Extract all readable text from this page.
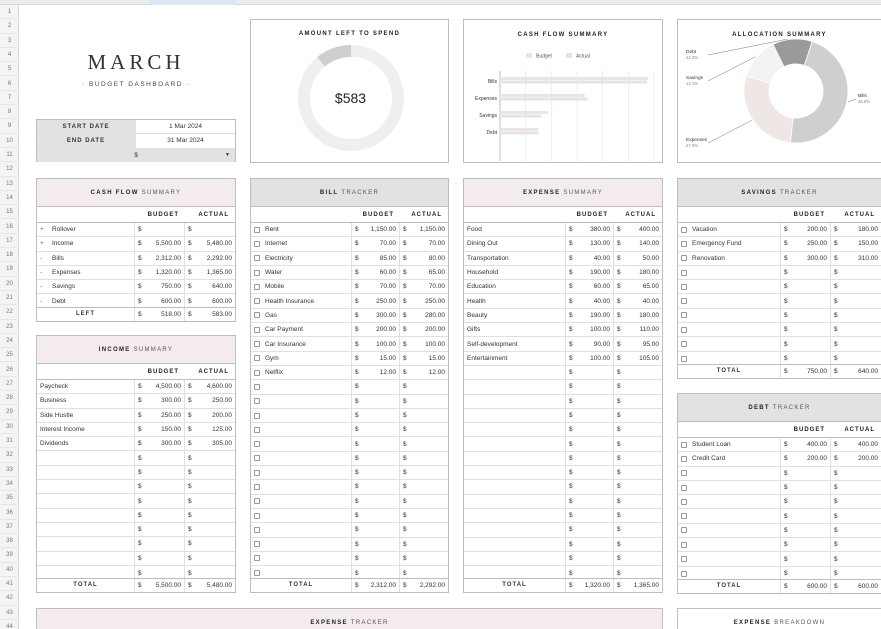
1
2
3
4
5
6
7
8
9
10
11
12
13
14
15
16
17
18
19
20
21
22
23
24
25
26
27
28
29
30
31
32
33
34
35
36
37
38
39
40
41
42
43
44
MARCH
· BUDGET DASHBOARD ·
START DATE	1 Mar 2024
END DATE	31 Mar 2024
$	▼
AMOUNT LEFT TO SPEND
$583
CASH FLOW SUMMARY
Budget	Actual
Bills
Expenses
Savings
Debt
ALLOCATION SUMMARY
Bills
46.8%
Expenses
27.9%
Savings
13.1%
Debt
12.3%
CASH FLOW SUMMARY
BUDGET	ACTUAL
+	Rollover	$	$
+	Income	$ 5,500.00 $ 5,480.00
-	Bills	$ 2,312.00 $ 2,292.00
-	Expenses	$ 1,320.00 $ 1,365.00
-	Savings	$	750.00 $	640.00
-	Debt	$	600.00 $	600.00
LEFT	$	518.00 $	583.00
INCOME SUMMARY
BUDGET	ACTUAL
Paycheck	$ 4,500.00 $ 4,600.00
Business	$	300.00 $	250.00
Side Hustle	$	250.00 $	200.00
Interest Income	$	150.00 $	125.00
Dividends	$	300.00 $	305.00
$	$
$	$
$	$
$	$
$	$
$	$
$	$
$	$
$	$
TOTAL	$ 5,500.00 $ 5,480.00
BILL TRACKER
BUDGET	ACTUAL
Rent	$ 1,150.00 $ 1,150.00
Internet	$	70.00 $	70.00
Electricity	$	85.00 $	80.00
Water	$	60.00 $	65.00
Mobile	$	70.00 $	70.00
Health Insurance	$	250.00 $	250.00
Gas	$	300.00 $	280.00
Car Payment	$	200.00 $	200.00
Car Insurance	$	100.00 $	100.00
Gym	$	15.00 $	15.00
Netflix	$	12.00 $	12.00
$	$
$	$
$	$
$	$
$	$
$	$
$	$
$	$
$	$
$	$
$	$
$	$
$	$
$	$
TOTAL	$ 2,312.00 $ 2,292.00
EXPENSE SUMMARY
BUDGET	ACTUAL
Food	$	380.00 $	400.00
Dining Out	$	130.00 $	140.00
Transportation	$	40.00 $	50.00
Household	$	190.00 $	180.00
Education	$	60.00 $	65.00
Health	$	40.00 $	40.00
Beauty	$	190.00 $	180.00
Gifts	$	100.00 $	110.00
Self-development	$	90.00 $	95.00
Entertainment	$	100.00 $	105.00
$	$
$	$
$	$
$	$
$	$
$	$
$	$
$	$
$	$
$	$
$	$
$	$
$	$
$	$
$	$
TOTAL	$ 1,320.00 $ 1,365.00
SAVINGS TRACKER
BUDGET	ACTUAL
Vacation	$	200.00 $	180.00
Emergency Fund	$	250.00 $	150.00
Renovation	$	300.00 $	310.00
$	$
$	$
$	$
$	$
$	$
$	$
$	$
TOTAL	$	750.00 $	640.00
DEBT TRACKER
BUDGET	ACTUAL
Student Loan	$	400.00 $	400.00
Credit Card	$	200.00 $	200.00
$	$
$	$
$	$
$	$
$	$
$	$
$	$
$	$
TOTAL	$	600.00 $	600.00
EXPENSE TRACKER	EXPENSE BREAKDOWN
